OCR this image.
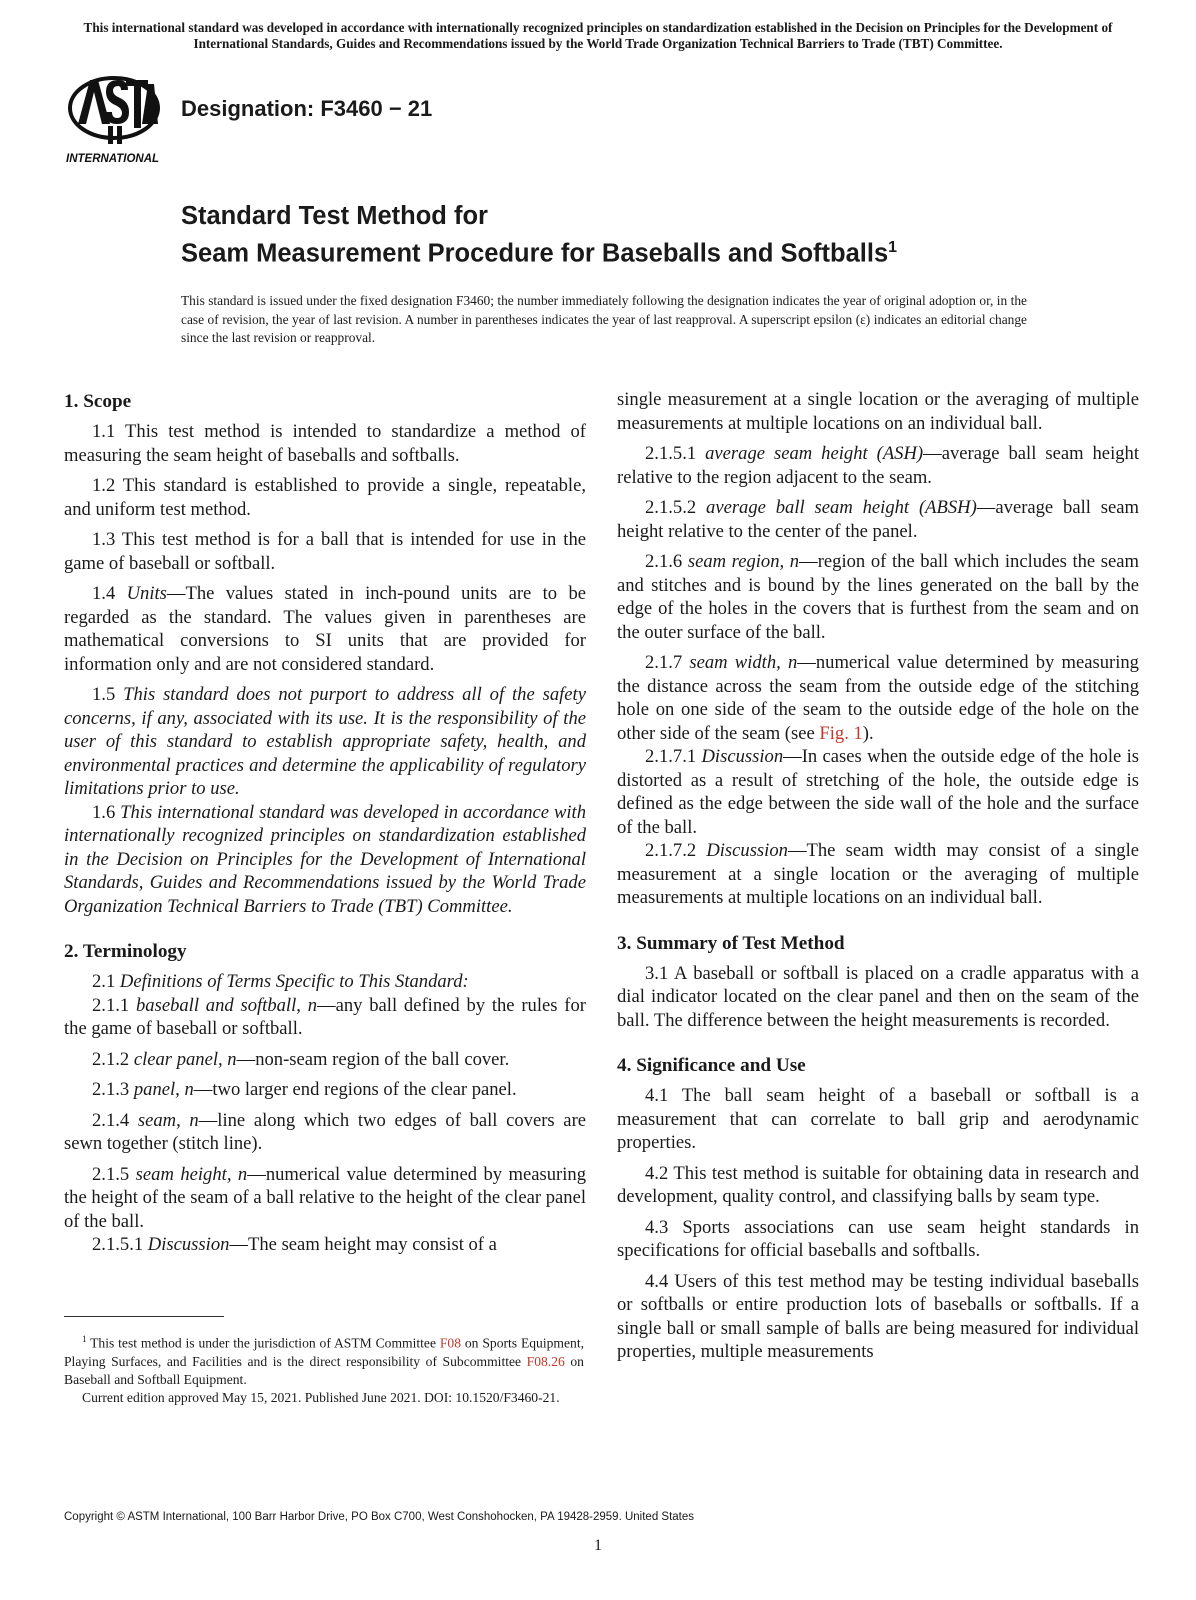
This international standard was developed in accordance with internationally recognized principles on standardization established in the Decision on Principles for the Development of International Standards, Guides and Recommendations issued by the World Trade Organization Technical Barriers to Trade (TBT) Committee.
INTERNATIONAL
Designation: F3460 − 21
Standard Test Method for
Seam Measurement Procedure for Baseballs and Softballs$^1$
This standard is issued under the fixed designation F3460; the number immediately following the designation indicates the year of original adoption or, in the case of revision, the year of last revision. A number in parentheses indicates the year of last reapproval. A superscript epsilon (ε) indicates an editorial change since the last revision or reapproval.
1. Scope

1.1 This test method is intended to standardize a method of measuring the seam height of baseballs and softballs.

1.2 This standard is established to provide a single, repeatable, and uniform test method.

1.3 This test method is for a ball that is intended for use in the game of baseball or softball.

1.4 Units—The values stated in inch-pound units are to be regarded as the standard. The values given in parentheses are mathematical conversions to SI units that are provided for information only and are not considered standard.

1.5 This standard does not purport to address all of the safety concerns, if any, associated with its use. It is the responsibility of the user of this standard to establish appropriate safety, health, and environmental practices and determine the applicability of regulatory limitations prior to use.

1.6 This international standard was developed in accordance with internationally recognized principles on standardization established in the Decision on Principles for the Development of International Standards, Guides and Recommendations issued by the World Trade Organization Technical Barriers to Trade (TBT) Committee.

2. Terminology

2.1 Definitions of Terms Specific to This Standard:

2.1.1 baseball and softball, n—any ball defined by the rules for the game of baseball or softball.

2.1.2 clear panel, n—non-seam region of the ball cover.

2.1.3 panel, n—two larger end regions of the clear panel.

2.1.4 seam, n—line along which two edges of ball covers are sewn together (stitch line).

2.1.5 seam height, n—numerical value determined by measuring the height of the seam of a ball relative to the height of the clear panel of the ball.

2.1.5.1 Discussion—The seam height may consist of a

single measurement at a single location or the averaging of multiple measurements at multiple locations on an individual ball.

2.1.5.1 average seam height (ASH)—average ball seam height relative to the region adjacent to the seam.

2.1.5.2 average ball seam height (ABSH)—average ball seam height relative to the center of the panel.

2.1.6 seam region, n—region of the ball which includes the seam and stitches and is bound by the lines generated on the ball by the edge of the holes in the covers that is furthest from the seam and on the outer surface of the ball.

2.1.7 seam width, n—numerical value determined by measuring the distance across the seam from the outside edge of the stitching hole on one side of the seam to the outside edge of the hole on the other side of the seam (see Fig. 1).

2.1.7.1 Discussion—In cases when the outside edge of the hole is distorted as a result of stretching of the hole, the outside edge is defined as the edge between the side wall of the hole and the surface of the ball.

2.1.7.2 Discussion—The seam width may consist of a single measurement at a single location or the averaging of multiple measurements at multiple locations on an individual ball.

3. Summary of Test Method

3.1 A baseball or softball is placed on a cradle apparatus with a dial indicator located on the clear panel and then on the seam of the ball. The difference between the height measurements is recorded.

4. Significance and Use

4.1 The ball seam height of a baseball or softball is a measurement that can correlate to ball grip and aerodynamic properties.

4.2 This test method is suitable for obtaining data in research and development, quality control, and classifying balls by seam type.

4.3 Sports associations can use seam height standards in specifications for official baseballs and softballs.

4.4 Users of this test method may be testing individual baseballs or softballs or entire production lots of baseballs or softballs. If a single ball or small sample of balls are being measured for individual properties, multiple measurements

$^1$ This test method is under the jurisdiction of ASTM Committee F08 on Sports Equipment, Playing Surfaces, and Facilities and is the direct responsibility of Subcommittee F08.26 on Baseball and Softball Equipment.

Current edition approved May 15, 2021. Published June 2021. DOI: 10.1520/F3460-21.

Copyright © ASTM International, 100 Barr Harbor Drive, PO Box C700, West Conshohocken, PA 19428-2959. United States
1
